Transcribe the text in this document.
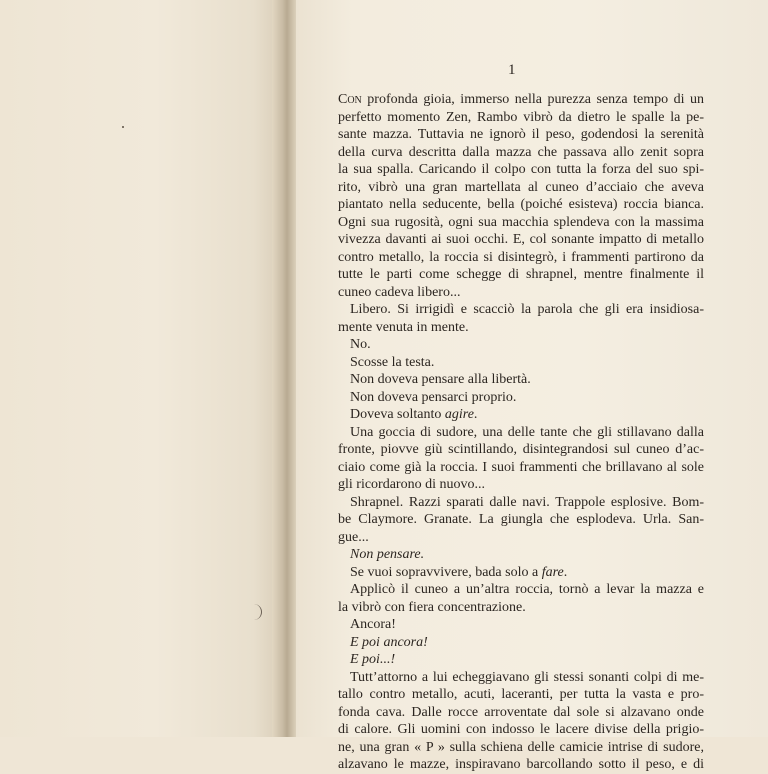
1
Con profonda gioia, immerso nella purezza senza tempo di un
perfetto momento Zen, Rambo vibrò da dietro le spalle la pe-
sante mazza. Tuttavia ne ignorò il peso, godendosi la serenità
della curva descritta dalla mazza che passava allo zenit sopra
la sua spalla. Caricando il colpo con tutta la forza del suo spi-
rito, vibrò una gran martellata al cuneo d’acciaio che aveva
piantato nella seducente, bella (poiché esisteva) roccia bianca.
Ogni sua rugosità, ogni sua macchia splendeva con la massima
vivezza davanti ai suoi occhi. E, col sonante impatto di metallo
contro metallo, la roccia si disintegrò, i frammenti partirono da
tutte le parti come schegge di shrapnel, mentre finalmente il
cuneo cadeva libero...
Libero. Si irrigidì e scacciò la parola che gli era insidiosa-
mente venuta in mente.
No.
Scosse la testa.
Non doveva pensare alla libertà.
Non doveva pensarci proprio.
Doveva soltanto agire.
Una goccia di sudore, una delle tante che gli stillavano dalla
fronte, piovve giù scintillando, disintegrandosi sul cuneo d’ac-
ciaio come già la roccia. I suoi frammenti che brillavano al sole
gli ricordarono di nuovo...
Shrapnel. Razzi sparati dalle navi. Trappole esplosive. Bom-
be Claymore. Granate. La giungla che esplodeva. Urla. San-
gue...
Non pensare.
Se vuoi sopravvivere, bada solo a fare.
Applicò il cuneo a un’altra roccia, tornò a levar la mazza e
la vibrò con fiera concentrazione.
Ancora!
E poi ancora!
E poi...!
Tutt’attorno a lui echeggiavano gli stessi sonanti colpi di me-
tallo contro metallo, acuti, laceranti, per tutta la vasta e pro-
fonda cava. Dalle rocce arroventate dal sole si alzavano onde
di calore. Gli uomini con indosso le lacere divise della prigio-
ne, una gran « P » sulla schiena delle camicie intrise di sudore,
alzavano le mazze, inspiravano barcollando sotto il peso, e di
